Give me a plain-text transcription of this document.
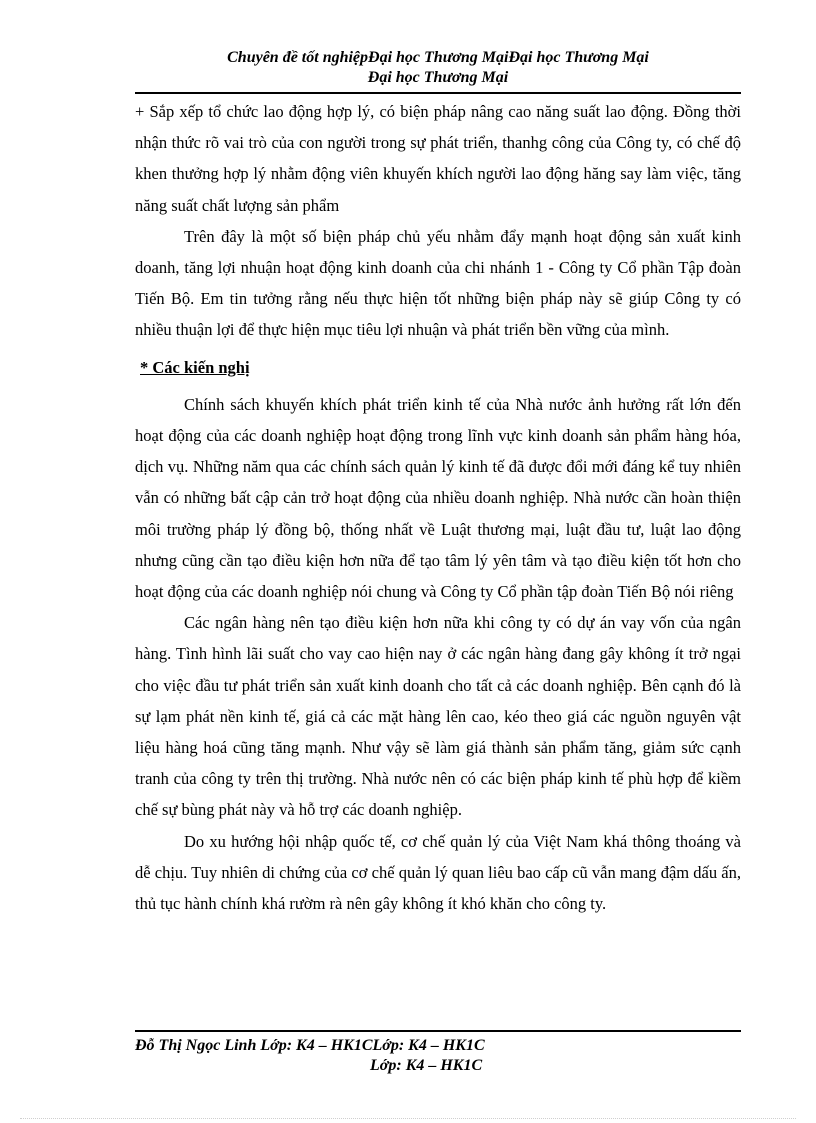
Chuyên đề tốt nghiệpĐại học Thương MạiĐại học Thương Mại
Đại học Thương Mại

+ Sắp xếp tổ chức lao động hợp lý, có biện pháp nâng cao năng suất lao động. Đồng thời nhận thức rõ vai trò của con người trong sự phát triển, thanhg công của Công ty, có chế độ khen thưởng hợp lý nhằm động viên khuyến khích người lao động hăng say làm việc, tăng năng suất chất lượng sản phẩm

Trên đây là một số biện pháp chủ yếu nhằm đẩy mạnh hoạt động sản xuất kinh doanh, tăng lợi nhuận hoạt động kinh doanh của chi nhánh 1 - Công ty Cổ phần Tập đoàn Tiến Bộ. Em tin tưởng rằng nếu thực hiện tốt những biện pháp này sẽ giúp Công ty có nhiều thuận lợi để thực hiện mục tiêu lợi nhuận và phát triển bền vững của mình.

* Các kiến nghị

Chính sách khuyến khích phát triển kinh tế của Nhà nước ảnh hưởng rất lớn đến hoạt động của các doanh nghiệp hoạt động trong lĩnh vực kinh doanh sản phẩm hàng hóa, dịch vụ. Những năm qua các chính sách quản lý kinh tế đã được đổi mới đáng kể tuy nhiên vẫn có những bất cập cản trở hoạt động của nhiều doanh nghiệp. Nhà nước cần hoàn thiện môi trường pháp lý đồng bộ, thống nhất về Luật thương mại, luật đầu tư, luật lao động nhưng cũng cần tạo điều kiện hơn nữa để tạo tâm lý yên tâm và tạo điều kiện tốt hơn cho hoạt động của các doanh nghiệp nói chung và Công ty Cổ phần tập đoàn Tiến Bộ nói riêng

Các ngân hàng nên tạo điều kiện hơn nữa khi công ty có dự án vay vốn của ngân hàng. Tình hình lãi suất cho vay cao hiện nay ở các ngân hàng đang gây không ít trở ngại cho việc đầu tư phát triển sản xuất kinh doanh cho tất cả các doanh nghiệp. Bên cạnh đó là sự lạm phát nền kinh tế, giá cả các mặt hàng lên cao, kéo theo giá các nguồn nguyên vật liệu hàng hoá cũng tăng mạnh. Như vậy sẽ làm giá thành sản phẩm tăng, giảm sức cạnh tranh của công ty trên thị trường. Nhà nước nên có các biện pháp kinh tế phù hợp để kiềm chế sự bùng phát này và hỗ trợ các doanh nghiệp.

Do xu hướng hội nhập quốc tế, cơ chế quản lý của Việt Nam khá thông thoáng và dễ chịu. Tuy nhiên di chứng của cơ chế quản lý quan liêu bao cấp cũ vẫn mang đậm dấu ấn, thủ tục hành chính khá rườm rà nên gây không ít khó khăn cho công ty.

Đỗ Thị Ngọc Linh Lớp: K4 – HK1CLớp: K4 – HK1C
Lớp: K4 – HK1C
